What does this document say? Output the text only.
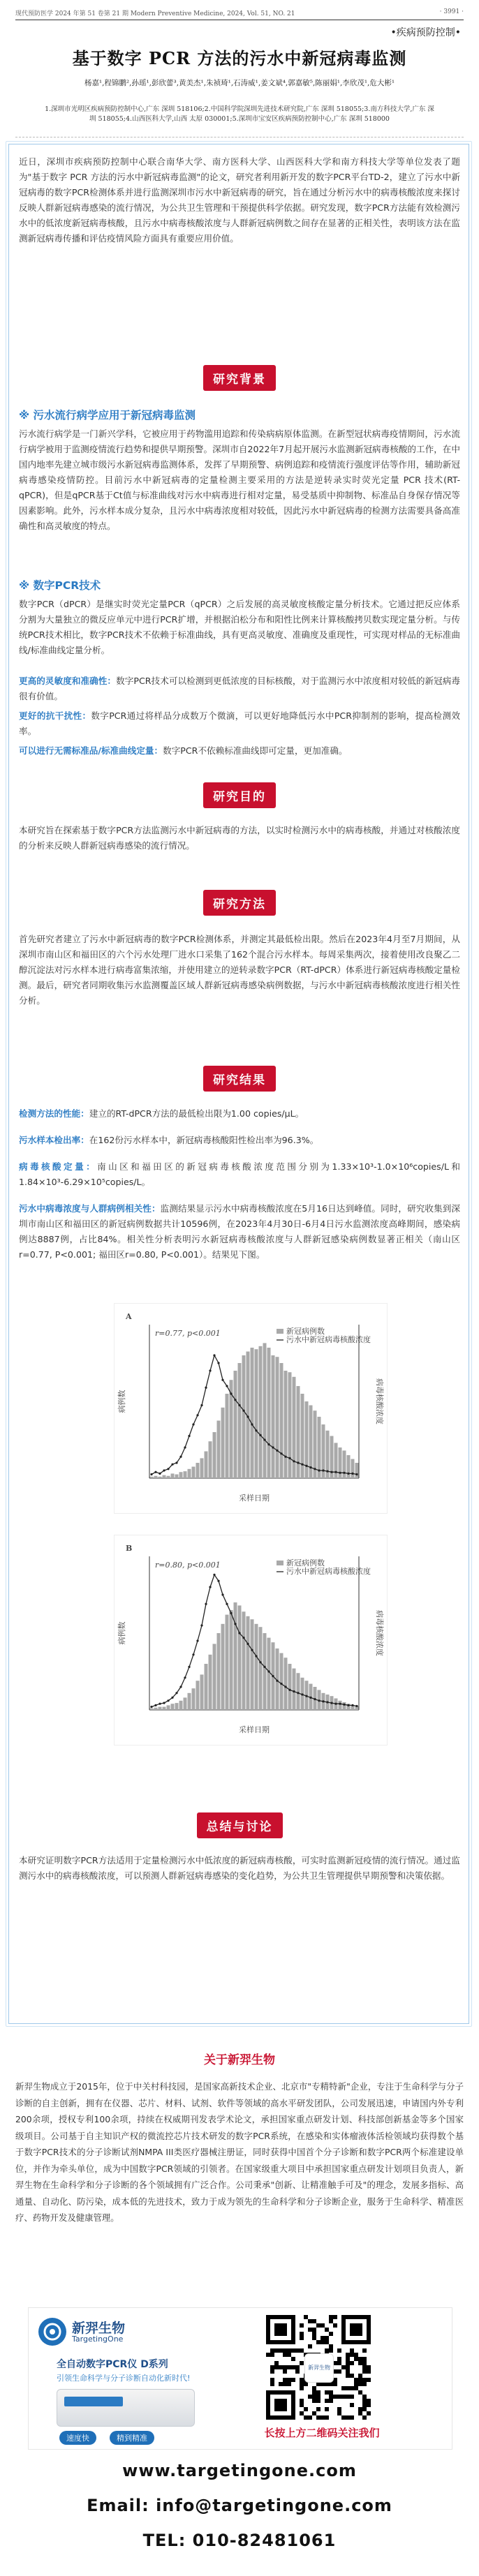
现代预防医学 2024 年第 51 卷第 21 期 Modern Preventive Medicine, 2024, Vol. 51, NO. 21	· 3991 ·
•疾病预防控制•
基于数字 PCR 方法的污水中新冠病毒监测
杨嘉¹,程锦鹏²,孙瑶¹,彭欣蕾³,黄美杰¹,朱祯琦¹,石涛威¹,姜文斌⁴,郭嘉敏⁵,陈丽娟¹,李欣茂¹,危大彬¹
1.深圳市光明区疾病预防控制中心,广东 深圳 518106;2.中国科学院深圳先进技术研究院,广东 深圳 518055;3.南方科技大学,广东 深圳 518055;4.山西医科大学,山西 太原 030001;5.深圳市宝安区疾病预防控制中心,广东 深圳 518000
近日，深圳市疾病预防控制中心联合南华大学、南方医科大学、山西医科大学和南方科技大学等单位发表了题为"基于数字 PCR 方法的污水中新冠病毒监测"的论文，研究者利用新开发的数字PCR平台TD-2，建立了污水中新冠病毒的数字PCR检测体系并进行监测深圳市污水中新冠病毒的研究，旨在通过分析污水中的病毒核酸浓度来探讨反映人群新冠病毒感染的流行情况，为公共卫生管理和干预提供科学依据。研究发现，数字PCR方法能有效检测污水中的低浓度新冠病毒核酸，且污水中病毒核酸浓度与人群新冠病例数之间存在显著的正相关性，表明该方法在监测新冠病毒传播和评估疫情风险方面具有重要应用价值。
研究背景
※ 污水流行病学应用于新冠病毒监测
污水流行病学是一门新兴学科，它被应用于药物滥用追踪和传染病病原体监测。在新型冠状病毒疫情期间，污水流行病学被用于监测疫情流行趋势和提供早期预警。深圳市自2022年7月起开展污水监测新冠病毒核酸的工作，在中国内地率先建立城市级污水新冠病毒监测体系，发挥了早期预警、病例追踪和疫情流行强度评估等作用，辅助新冠病毒感染疫情防控。目前污水中新冠病毒的定量检测主要采用的方法是逆转录实时荧光定量 PCR 技术(RT-qPCR)，但是qPCR基于Ct值与标准曲线对污水中病毒进行相对定量，易受基质中抑制物、标准品自身保存情况等因素影响。此外，污水样本成分复杂，且污水中病毒浓度相对较低，因此污水中新冠病毒的检测方法需要具备高准确性和高灵敏度的特点。
※ 数字PCR技术
数字PCR（dPCR）是继实时荧光定量PCR（qPCR）之后发展的高灵敏度核酸定量分析技术。它通过把反应体系分割为大量独立的微反应单元中进行PCR扩增，并根据泊松分布和阳性比例来计算核酸拷贝数实现定量分析。与传统PCR技术相比，数字PCR技术不依赖于标准曲线，具有更高灵敏度、准确度及重现性，可实现对样品的无标准曲线/标准曲线定量分析。
更高的灵敏度和准确性：数字PCR技术可以检测到更低浓度的目标核酸，对于监测污水中浓度相对较低的新冠病毒很有价值。
更好的抗干扰性：数字PCR通过将样品分成数万个微滴，可以更好地降低污水中PCR抑制剂的影响，提高检测效率。
可以进行无需标准品/标准曲线定量：数字PCR不依赖标准曲线即可定量，更加准确。
研究目的
本研究旨在探索基于数字PCR方法监测污水中新冠病毒的方法，以实时检测污水中的病毒核酸，并通过对核酸浓度的分析来反映人群新冠病毒感染的流行情况。
研究方法
首先研究者建立了污水中新冠病毒的数字PCR检测体系，并测定其最低检出限。然后在2023年4月至7月期间，从深圳市南山区和福田区的六个污水处理厂进水口采集了162个混合污水样本。每周采集两次，接着使用改良聚乙二醇沉淀法对污水样本进行病毒富集浓缩，并使用建立的逆转录数字PCR（RT-dPCR）体系进行新冠病毒核酸定量检测。最后，研究者同期收集污水监测覆盖区域人群新冠病毒感染病例数据，与污水中新冠病毒核酸浓度进行相关性分析。
研究结果
检测方法的性能：建立的RT-dPCR方法的最低检出限为1.00 copies/μL。
污水样本检出率：在162份污水样本中，新冠病毒核酸阳性检出率为96.3%。
病毒核酸定量：南山区和福田区的新冠病毒核酸浓度范围分别为1.33×10³-1.0×10⁶copies/L和1.84×10³-6.29×10⁵copies/L。
污水中病毒浓度与人群病例相关性：监测结果显示污水中病毒核酸浓度在5月16日达到峰值。同时，研究收集到深圳市南山区和福田区的新冠病例数据共计10596例，在2023年4月30日-6月4日污水监测浓度高峰期间，感染病例达8887例，占比84%。相关性分析表明污水新冠病毒核酸浓度与人群新冠感染病例数显著正相关（南山区r=0.77, P<0.001; 福田区r=0.80, P<0.001）。结果见下图。
A
r=0.77, p<0.001	新冠病例数
污水中新冠病毒核酸浓度
采样日期
病例数	病毒核酸浓度
B
r=0.80, p<0.001	新冠病例数
污水中新冠病毒核酸浓度
采样日期
病例数	病毒核酸浓度
总结与讨论
本研究证明数字PCR方法适用于定量检测污水中低浓度的新冠病毒核酸，可实时监测新冠疫情的流行情况。通过监测污水中的病毒核酸浓度，可以预测人群新冠病毒感染的变化趋势，为公共卫生管理提供早期预警和决策依据。
关于新羿生物
新羿生物成立于2015年，位于中关村科技园，是国家高新技术企业、北京市"专精特新"企业，专注于生命科学与分子诊断的自主创新，拥有在仪器、芯片、材料、试剂、软件等领域的高水平研发团队，公司发展迅速，申请国内外专利200余项，授权专利100余项，持续在权威期刊发表学术论文，承担国家重点研发计划、科技部创新基金等多个国家级项目。公司基于自主知识产权的微流控芯片技术研发的数字PCR系统，在感染和实体瘤液体活检领域均获得数个基于数字PCR技术的分子诊断试剂NMPA III类医疗器械注册证，同时获得中国首个分子诊断和数字PCR两个标准建设单位，并作为牵头单位，成为中国数字PCR领域的引领者。在国家级重大项目中承担国家重点研发计划项目负责人，新羿生物在生命科学和分子诊断的各个领域拥有广泛合作。公司秉承"创新、让精准触手可及"的理念，发展多指标、高通量、自动化、防污染，成本低的先进技术，致力于成为领先的生命科学和分子诊断企业，服务于生命科学、精准医疗、药物开发及健康管理。
新羿生物
TargetingOne
全自动数字PCR仪 D系列
引领生命科学与分子诊断自动化新时代!
速度快	精到精准
新羿生物
长按上方二维码关注我们
www.targetingone.com
Email: info@targetingone.com
TEL: 010-82481061
